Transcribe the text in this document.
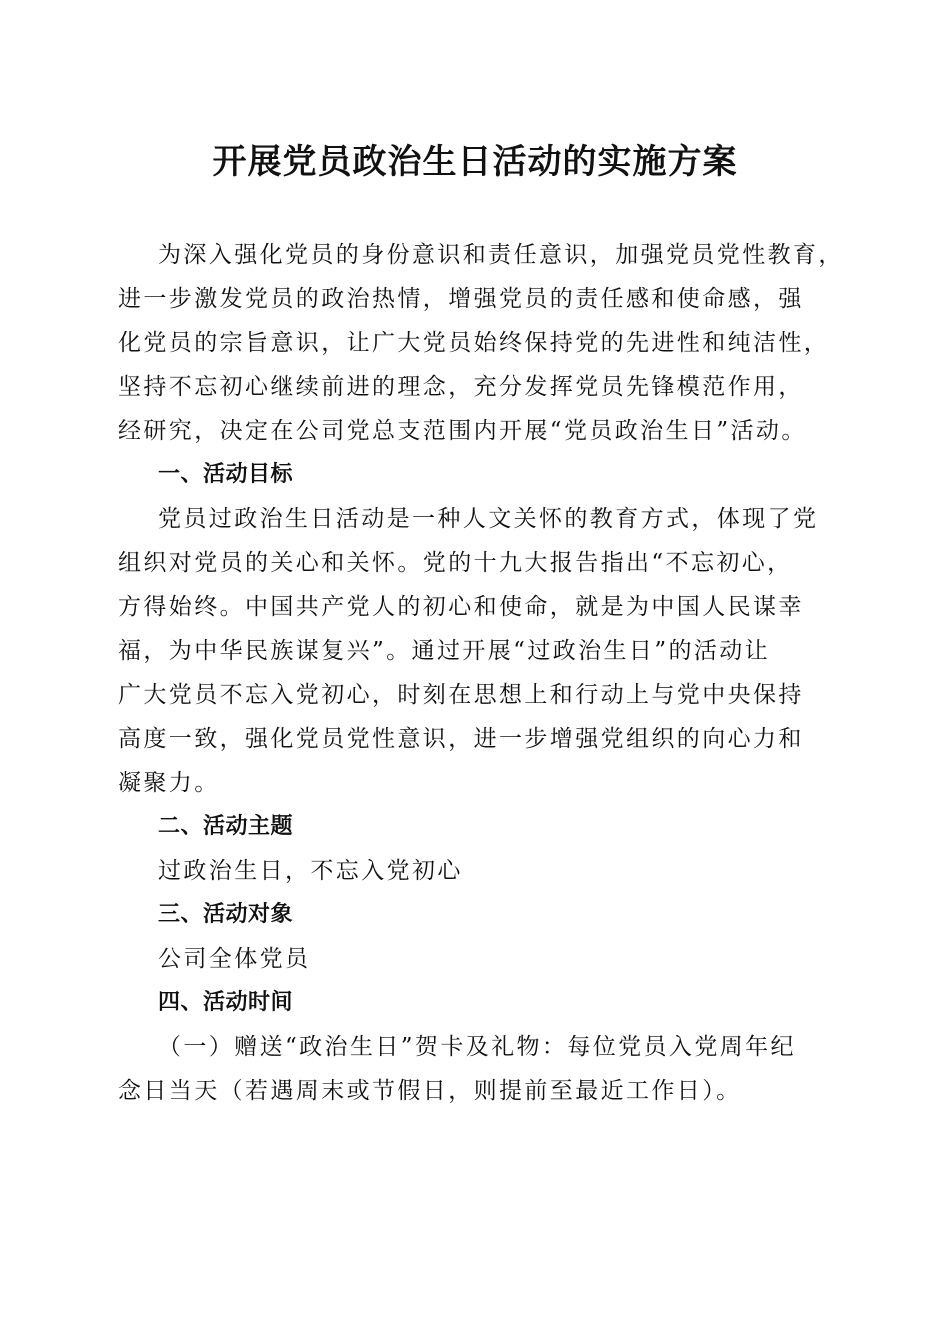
开展党员政治生日活动的实施方案
为深入强化党员的身份意识和责任意识，加强党员党性教育，
进一步激发党员的政治热情，增强党员的责任感和使命感，强
化党员的宗旨意识，让广大党员始终保持党的先进性和纯洁性，
坚持不忘初心继续前进的理念，充分发挥党员先锋模范作用，
经研究，决定在公司党总支范围内开展“党员政治生日”活动。
一、活动目标
党员过政治生日活动是一种人文关怀的教育方式，体现了党
组织对党员的关心和关怀。党的十九大报告指出“不忘初心，
方得始终。中国共产党人的初心和使命，就是为中国人民谋幸
福，为中华民族谋复兴”。通过开展“过政治生日”的活动让
广大党员不忘入党初心，时刻在思想上和行动上与党中央保持
高度一致，强化党员党性意识，进一步增强党组织的向心力和
凝聚力。
二、活动主题
过政治生日，不忘入党初心
三、活动对象
公司全体党员
四、活动时间
（一）赠送“政治生日”贺卡及礼物：每位党员入党周年纪
念日当天（若遇周末或节假日，则提前至最近工作日）。
